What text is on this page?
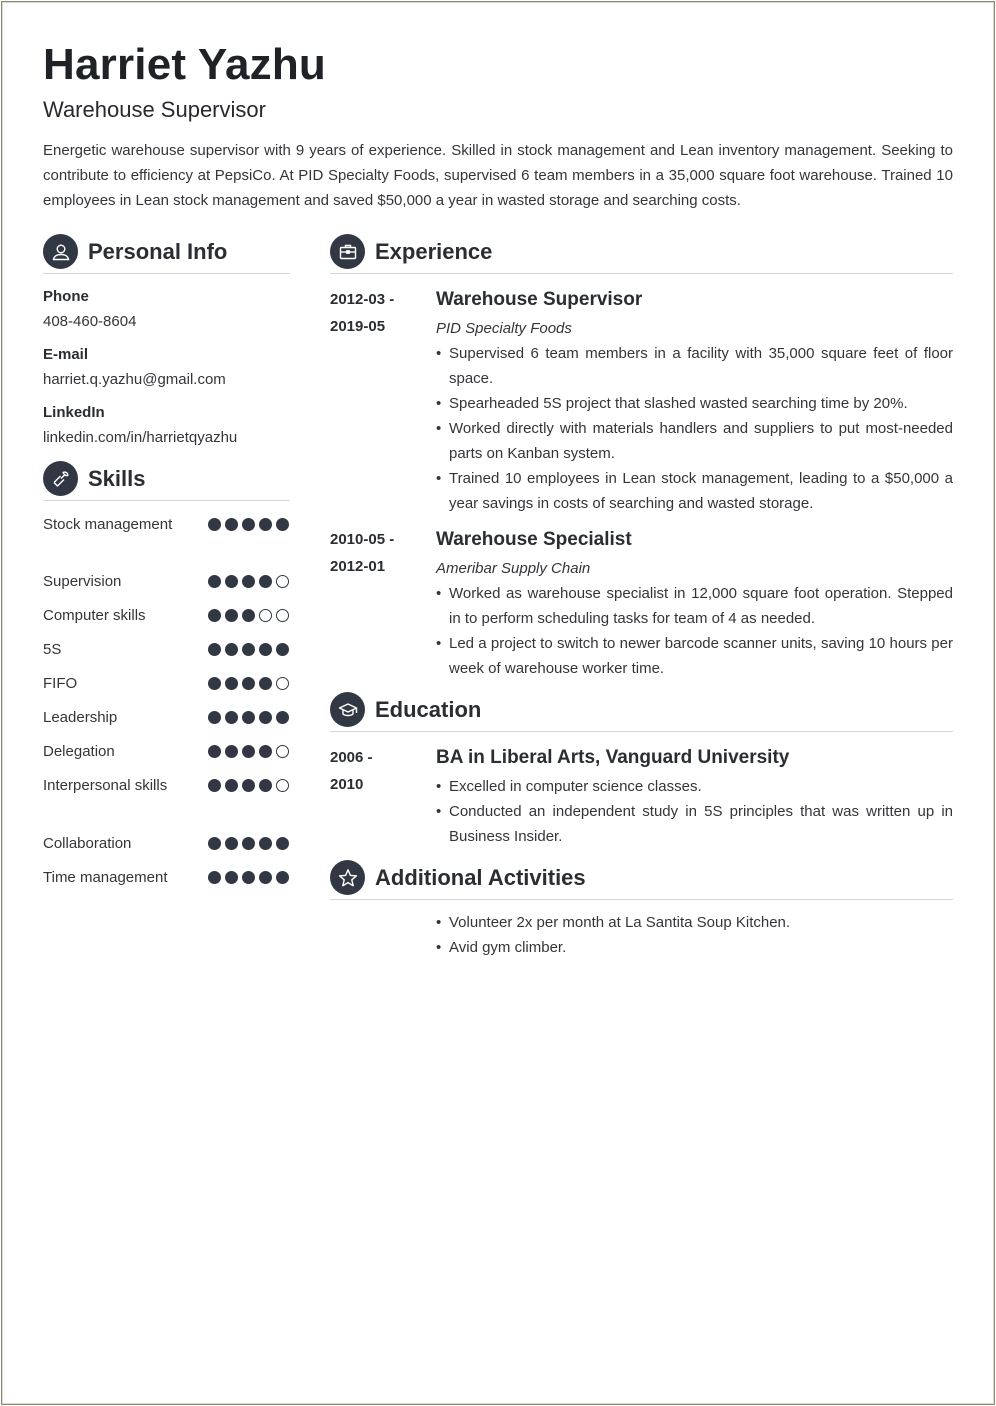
Harriet Yazhu
Warehouse Supervisor
Energetic warehouse supervisor with 9 years of experience. Skilled in stock management and Lean inventory management. Seeking to contribute to efficiency at PepsiCo. At PID Specialty Foods, supervised 6 team members in a 35,000 square foot warehouse. Trained 10 employees in Lean stock management and saved $50,000 a year in wasted storage and searching costs.
Personal Info
Phone
408-460-8604
E-mail
harriet.q.yazhu@gmail.com
LinkedIn
linkedin.com/in/harrietqyazhu
Skills
Stock management
Supervision
Computer skills
5S
FIFO
Leadership
Delegation
Interpersonal skills
Collaboration
Time management
Experience
2012-03 -
2019-05
Warehouse Supervisor
PID Specialty Foods
• Supervised 6 team members in a facility with 35,000 square feet of floor space.
• Spearheaded 5S project that slashed wasted searching time by 20%.
• Worked directly with materials handlers and suppliers to put most-needed parts on Kanban system.
• Trained 10 employees in Lean stock management, leading to a $50,000 a year savings in costs of searching and wasted storage.
2010-05 -
2012-01
Warehouse Specialist
Ameribar Supply Chain
• Worked as warehouse specialist in 12,000 square foot operation. Stepped in to perform scheduling tasks for team of 4 as needed.
• Led a project to switch to newer barcode scanner units, saving 10 hours per week of warehouse worker time.
Education
2006 -
2010
BA in Liberal Arts, Vanguard University
• Excelled in computer science classes.
• Conducted an independent study in 5S principles that was written up in Business Insider.
Additional Activities
• Volunteer 2x per month at La Santita Soup Kitchen.
• Avid gym climber.
